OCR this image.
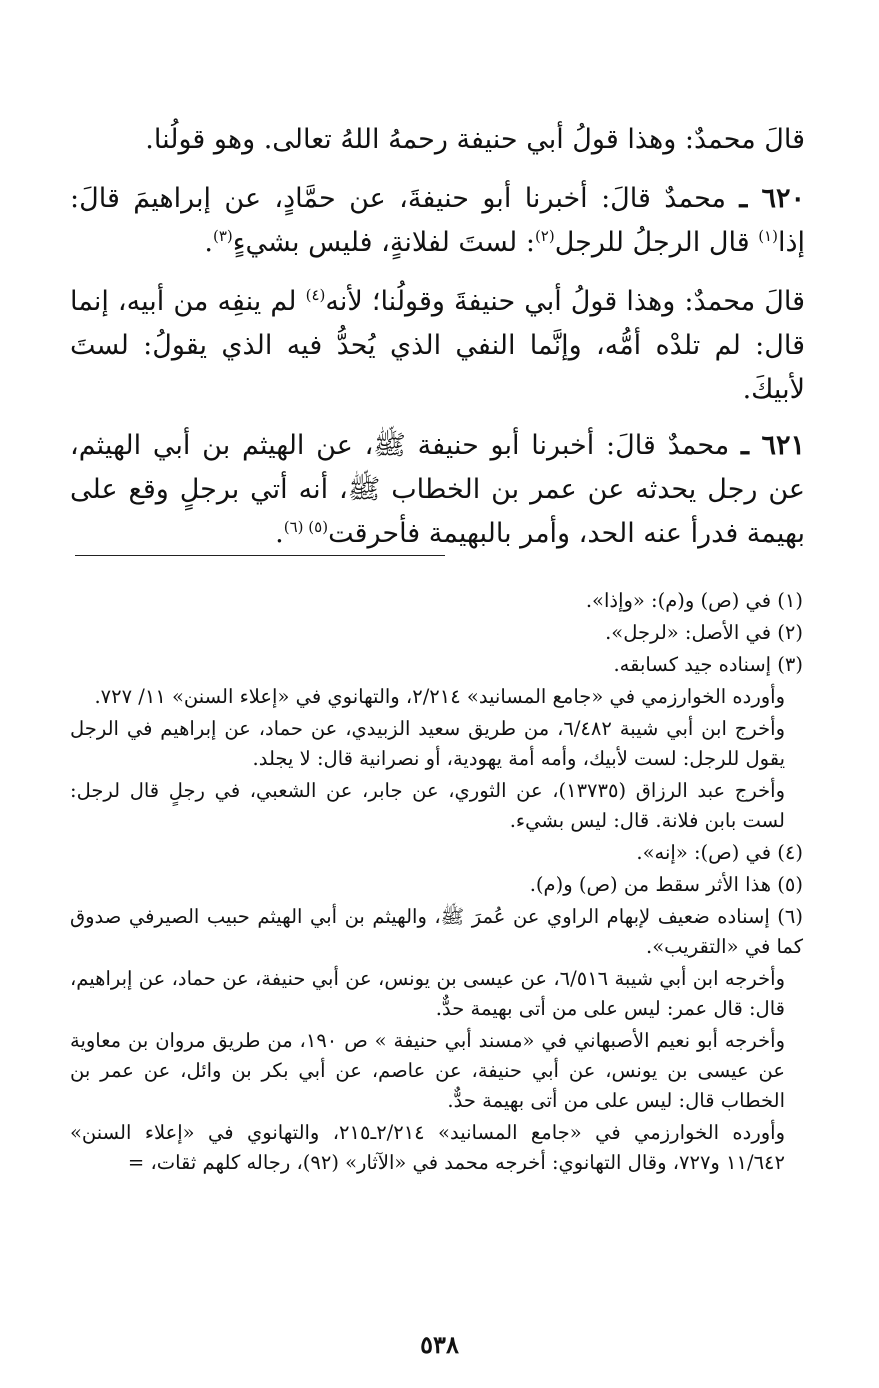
قالَ محمدٌ: وهذا قولُ أبي حنيفة رحمهُ اللهُ تعالى. وهو قولُنا.

٦٢٠ ـ محمدٌ قالَ: أخبرنا أبو حنيفةَ، عن حمَّادٍ، عن إبراهيمَ قالَ: إذا$^{(١)}$ قال الرجلُ للرجل$^{(٢)}$: لستَ لفلانةٍ، فليس بشيءٍ$^{(٣)}$.

قالَ محمدٌ: وهذا قولُ أبي حنيفةَ وقولُنا؛ لأنه$^{(٤)}$ لم ينفِه من أبيه، إنما قال: لم تلدْه أمُّه، وإنَّما النفي الذي يُحدُّ فيه الذي يقولُ: لستَ لأبيكَ.

٦٢١ ـ محمدٌ قالَ: أخبرنا أبو حنيفة ﷺ، عن الهيثم بن أبي الهيثم، عن رجل يحدثه عن عمر بن الخطاب ﷺ، أنه أتي برجلٍ وقع على بهيمة فدرأ عنه الحد، وأمر بالبهيمة فأحرقت$^{(٥)}$ $^{(٦)}$.

(١) في (ص) و(م): «وإذا».

(٢) في الأصل: «لرجل».

(٣) إسناده جيد كسابقه.

وأورده الخوارزمي في «جامع المسانيد» ٢/٢١٤، والتهانوي في «إعلاء السنن» ١١/ ٧٢٧.

وأخرج ابن أبي شيبة ٦/٤٨٢، من طريق سعيد الزبيدي، عن حماد، عن إبراهيم في الرجل يقول للرجل: لست لأبيك، وأمه أمة يهودية، أو نصرانية قال: لا يجلد.

وأخرج عبد الرزاق (١٣٧٣٥)، عن الثوري، عن جابر، عن الشعبي، في رجلٍ قال لرجل: لست بابن فلانة. قال: ليس بشيء.

(٤) في (ص): «إنه».

(٥) هذا الأثر سقط من (ص) و(م).

(٦) إسناده ضعيف لإبهام الراوي عن عُمرَ ﷺ، والهيثم بن أبي الهيثم حبيب الصيرفي صدوق كما في «التقريب».

وأخرجه ابن أبي شيبة ٦/٥١٦، عن عيسى بن يونس، عن أبي حنيفة، عن حماد، عن إبراهيم، قال: قال عمر: ليس على من أتى بهيمة حدٌّ.

وأخرجه أبو نعيم الأصبهاني في «مسند أبي حنيفة » ص ١٩٠، من طريق مروان بن معاوية عن عيسى بن يونس، عن أبي حنيفة، عن عاصم، عن أبي بكر بن وائل، عن عمر بن الخطاب قال: ليس على من أتى بهيمة حدٌّ.

وأورده الخوارزمي في «جامع المسانيد» ٢/٢١٤ـ٢١٥، والتهانوي في «إعلاء السنن» ١١/٦٤٢ و٧٢٧، وقال التهانوي: أخرجه محمد في «الآثار» (٩٢)، رجاله كلهم ثقات، =

٥٣٨
